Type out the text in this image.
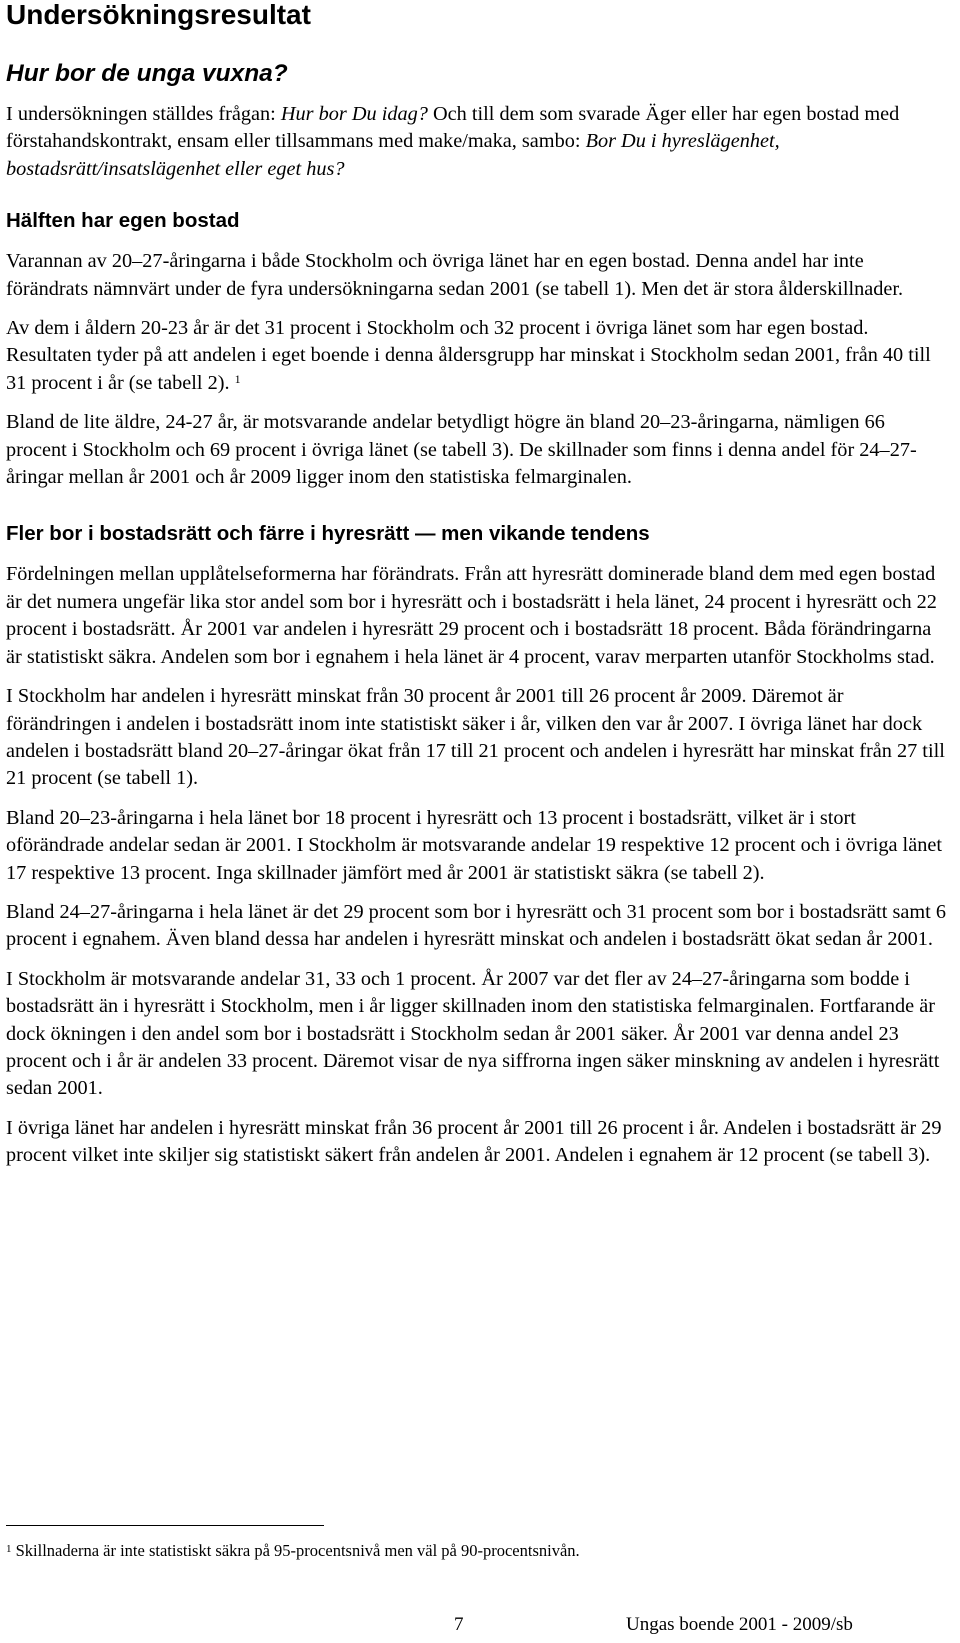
Undersökningsresultat
Hur bor de unga vuxna?

I undersökningen ställdes frågan: Hur bor Du idag? Och till dem som svarade Äger eller har egen bostad med förstahandskontrakt, ensam eller tillsammans med make/maka, sambo: Bor Du i hyreslägenhet, bostadsrätt/insatslägenhet eller eget hus?

Hälften har egen bostad

Varannan av 20–27-åringarna i både Stockholm och övriga länet har en egen bostad. Denna andel har inte förändrats nämnvärt under de fyra undersökningarna sedan 2001 (se tabell 1). Men det är stora ålderskillnader.

Av dem i åldern 20-23 år är det 31 procent i Stockholm och 32 procent i övriga länet som har egen bostad. Resultaten tyder på att andelen i eget boende i denna åldersgrupp har minskat i Stockholm sedan 2001, från 40 till 31 procent i år (se tabell 2). $^1$

Bland de lite äldre, 24-27 år, är motsvarande andelar betydligt högre än bland 20–23-åringarna, nämligen 66 procent i Stockholm och 69 procent i övriga länet (se tabell 3). De skillnader som finns i denna andel för 24–27-åringar mellan år 2001 och år 2009 ligger inom den statistiska felmarginalen.

Fler bor i bostadsrätt och färre i hyresrätt — men vikande tendens

Fördelningen mellan upplåtelseformerna har förändrats. Från att hyresrätt dominerade bland dem med egen bostad är det numera ungefär lika stor andel som bor i hyresrätt och i bostadsrätt i hela länet, 24 procent i hyresrätt och 22 procent i bostadsrätt. År 2001 var andelen i hyresrätt 29 procent och i bostadsrätt 18 procent. Båda förändringarna är statistiskt säkra. Andelen som bor i egnahem i hela länet är 4 procent, varav merparten utanför Stockholms stad.

I Stockholm har andelen i hyresrätt minskat från 30 procent år 2001 till 26 procent år 2009. Däremot är förändringen i andelen i bostadsrätt inom inte statistiskt säker i år, vilken den var år 2007. I övriga länet har dock andelen i bostadsrätt bland 20–27-åringar ökat från 17 till 21 procent och andelen i hyresrätt har minskat från 27 till 21 procent (se tabell 1).

Bland 20–23-åringarna i hela länet bor 18 procent i hyresrätt och 13 procent i bostadsrätt, vilket är i stort oförändrade andelar sedan är 2001. I Stockholm är motsvarande andelar 19 respektive 12 procent och i övriga länet 17 respektive 13 procent. Inga skillnader jämfört med år 2001 är statistiskt säkra (se tabell 2).

Bland 24–27-åringarna i hela länet är det 29 procent som bor i hyresrätt och 31 procent som bor i bostadsrätt samt 6 procent i egnahem. Även bland dessa har andelen i hyresrätt minskat och andelen i bostadsrätt ökat sedan år 2001.

I Stockholm är motsvarande andelar 31, 33 och 1 procent. År 2007 var det fler av 24–27-åringarna som bodde i bostadsrätt än i hyresrätt i Stockholm, men i år ligger skillnaden inom den statistiska felmarginalen. Fortfarande är dock ökningen i den andel som bor i bostadsrätt i Stockholm sedan år 2001 säker. År 2001 var denna andel 23 procent och i år är andelen 33 procent. Däremot visar de nya siffrorna ingen säker minskning av andelen i hyresrätt sedan 2001.

I övriga länet har andelen i hyresrätt minskat från 36 procent år 2001 till 26 procent i år. Andelen i bostadsrätt är 29 procent vilket inte skiljer sig statistiskt säkert från andelen år 2001. Andelen i egnahem är 12 procent (se tabell 3).

$^1$ Skillnaderna är inte statistiskt säkra på 95-procentsnivå men väl på 90-procentsnivån.
7	Ungas boende 2001 - 2009/sb
